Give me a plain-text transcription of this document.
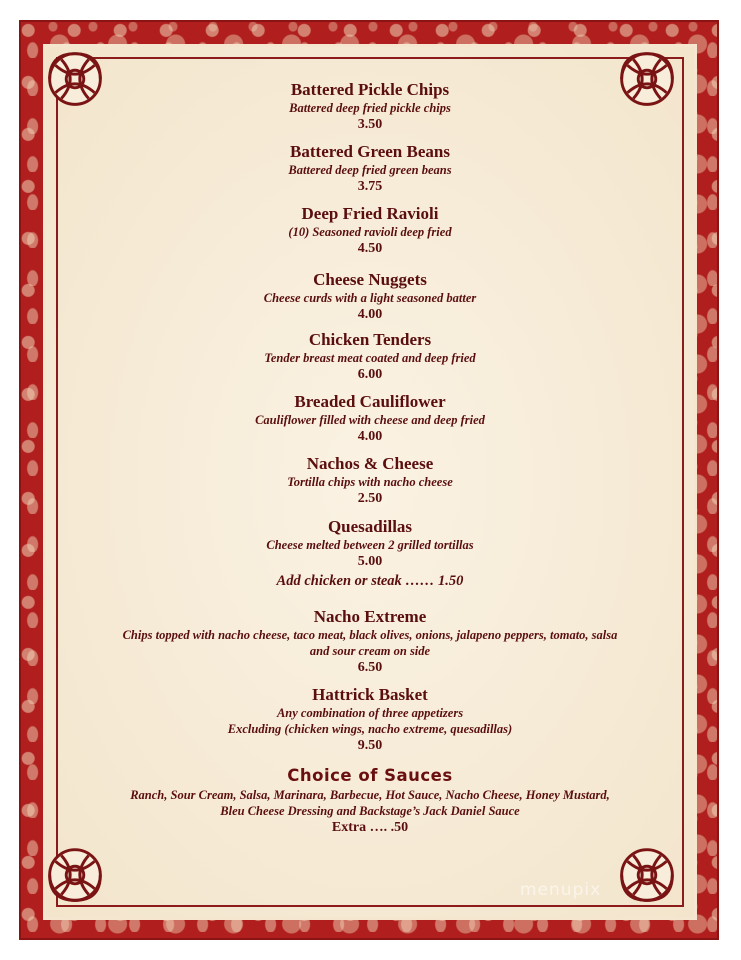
Battered Pickle Chips
Battered deep fried pickle chips
3.50
Battered Green Beans
Battered deep fried green beans
3.75
Deep Fried Ravioli
(10) Seasoned ravioli deep fried
4.50
Cheese Nuggets
Cheese curds with a light seasoned batter
4.00
Chicken Tenders
Tender breast meat coated and deep fried
6.00
Breaded Cauliflower
Cauliflower filled with cheese and deep fried
4.00
Nachos & Cheese
Tortilla chips with nacho cheese
2.50
Quesadillas
Cheese melted between 2 grilled tortillas
5.00
Add chicken or steak …… 1.50
Nacho Extreme
Chips topped with nacho cheese, taco meat, black olives, onions, jalapeno peppers, tomato, salsa
and sour cream on side
6.50
Hattrick Basket
Any combination of three appetizers
Excluding (chicken wings, nacho extreme, quesadillas)
9.50
Choice of Sauces
Ranch, Sour Cream, Salsa, Marinara, Barbecue, Hot Sauce, Nacho Cheese, Honey Mustard,
Bleu Cheese Dressing and Backstage’s Jack Daniel Sauce
Extra …. .50
menupix
